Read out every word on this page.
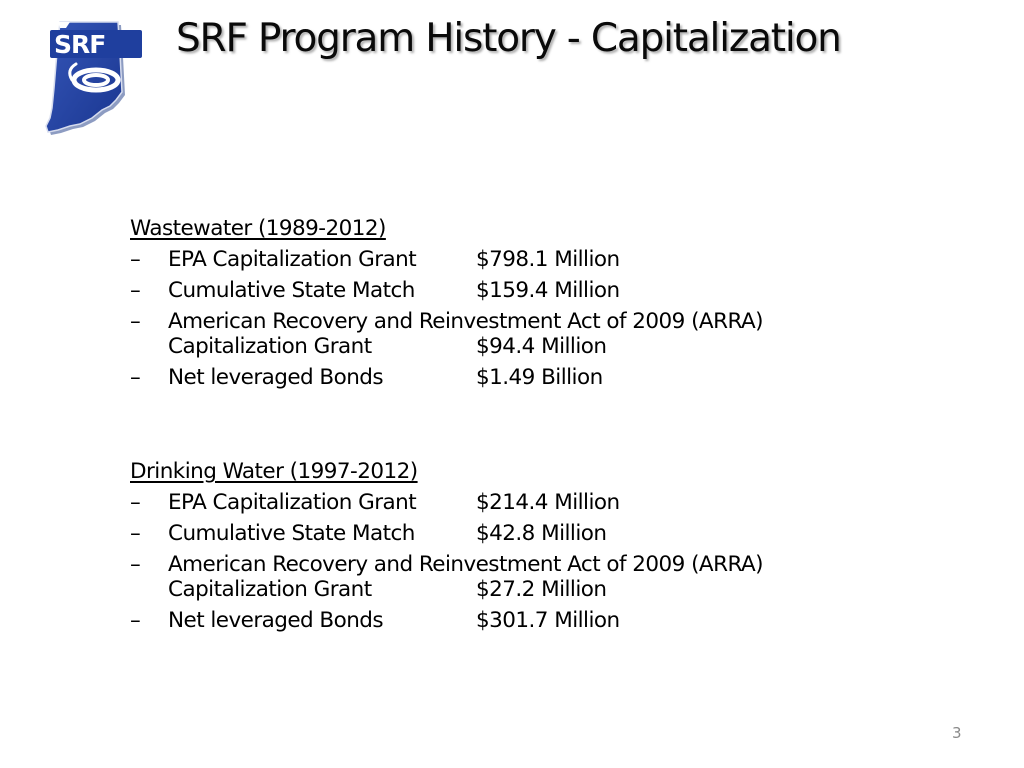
SRF SRF Program History - Capitalization
Wastewater (1989-2012)
– EPA Capitalization Grant	$798.1 Million
– Cumulative State Match	$159.4 Million
– American Recovery and Reinvestment Act of 2009 (ARRA)
Capitalization Grant	$94.4 Million
– Net leveraged Bonds	$1.49 Billion
Drinking Water (1997-2012)
– EPA Capitalization Grant	$214.4 Million
– Cumulative State Match	$42.8 Million
– American Recovery and Reinvestment Act of 2009 (ARRA)
Capitalization Grant	$27.2 Million
– Net leveraged Bonds	$301.7 Million
3
